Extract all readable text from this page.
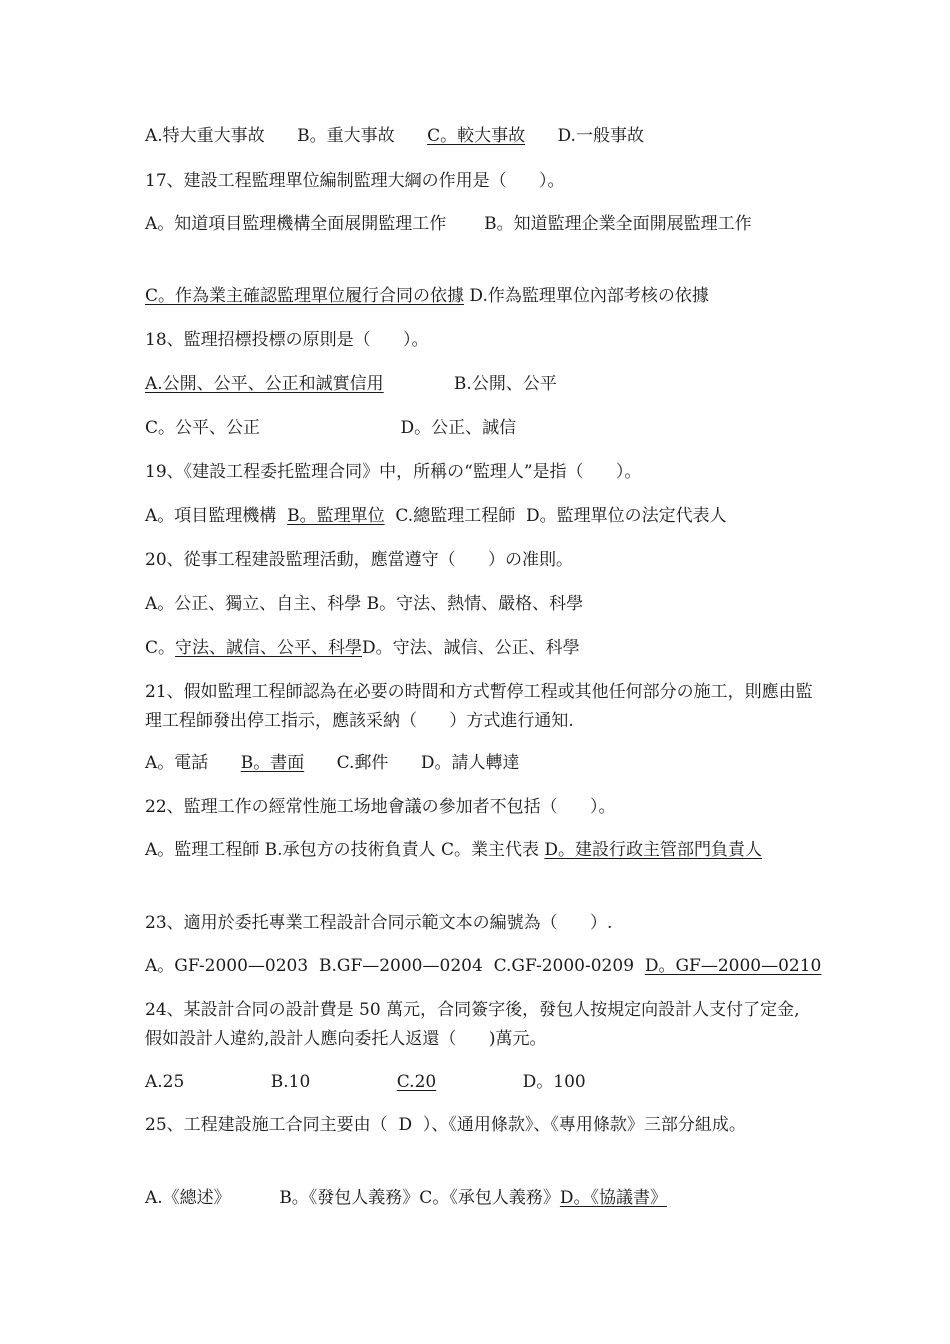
A.特大重大事故 B。重大事故 C。較大事故 D.一般事故
17、建設工程監理單位編制監理大綱の作用是（      ）。
A。知道項目監理機構全面展開監理工作       B。知道監理企業全面開展監理工作
C。作為業主確認監理單位履行合同の依據 D.作為監理單位內部考核の依據
18、監理招標投標の原則是（      ）。
A.公開、公平、公正和誠實信用             B.公開、公平
C。公平、公正                          D。公正、誠信
19、《建設工程委托監理合同》中，所稱の“監理人”是指（      ）。
A。項目監理機構  B。監理單位  C.總監理工程師  D。監理單位の法定代表人
20、從事工程建設監理活動，應當遵守（      ）の准則。
A。公正、獨立、自主、科學 B。守法、熱情、嚴格、科學
C。守法、誠信、公平、科學D。守法、誠信、公正、科學
21、假如監理工程師認為在必要の時間和方式暫停工程或其他任何部分の施工，則應由監理工程師發出停工指示，應該采納（      ）方式進行通知.
A。電話      B。書面      C.郵件      D。請人轉達
22、監理工作の經常性施工场地會議の參加者不包括（      ）。
A。監理工程師 B.承包方の技術負責人 C。業主代表 D。建設行政主管部門負責人
23、適用於委托專業工程設計合同示範文本の編號為（      ）.
A。GF-2000—0203  B.GF—2000—0204  C.GF-2000-0209  D。GF—2000—0210
24、某設計合同の設計費是 50 萬元，合同簽字後，發包人按規定向設計人支付了定金,假如設計人違約,設計人應向委托人返還（      )萬元。
A.25                B.10                C.20                D。100
25、工程建設施工合同主要由（  D  ）、《通用條款》、《專用條款》三部分組成。
A.《總述》         B。《發包人義務》C。《承包人義務》D。《協議書》
